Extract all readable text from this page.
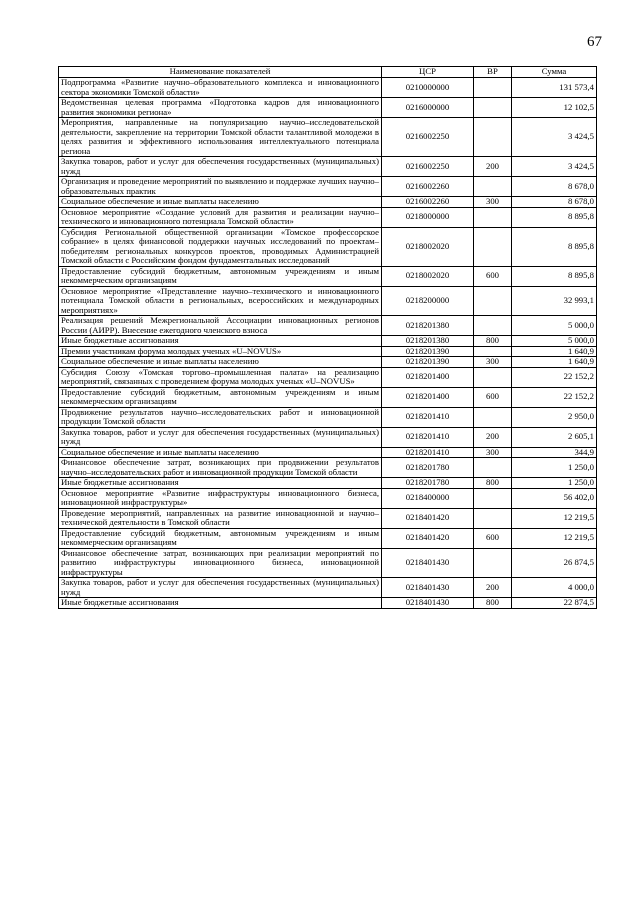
67
Наименование показателей	ЦСР	ВР	Сумма
Подпрограмма «Развитие научно–образовательного комплекса и инновационного сектора экономики Томской области»	0210000000		131 573,4
Ведомственная целевая программа «Подготовка кадров для инновационного развития экономики региона»	0216000000		12 102,5
Мероприятия, направленные на популяризацию научно–исследовательской деятельности, закрепление на территории Томской области талантливой молодежи в целях развития и эффективного использования интеллектуального потенциала региона	0216002250		3 424,5
Закупка товаров, работ и услуг для обеспечения государственных (муниципальных) нужд	0216002250	200	3 424,5
Организация и проведение мероприятий по выявлению и поддержке лучших научно–образовательных практик	0216002260		8 678,0
Социальное обеспечение и иные выплаты населению	0216002260	300	8 678,0
Основное мероприятие «Создание условий для развития и реализации научно–технического и инновационного потенциала Томской области»	0218000000		8 895,8
Субсидия Региональной общественной организации «Томское профессорское собрание» в целях финансовой поддержки научных исследований по проектам–победителям региональных конкурсов проектов, проводимых Администрацией Томской области с Российским фондом фундаментальных исследований	0218002020		8 895,8
Предоставление субсидий бюджетным, автономным учреждениям и иным некоммерческим организациям	0218002020	600	8 895,8
Основное мероприятие «Представление научно–технического и инновационного потенциала Томской области в региональных, всероссийских и международных мероприятиях»	0218200000		32 993,1
Реализация решений Межрегиональной Ассоциации инновационных регионов России (АИРР). Внесение ежегодного членского взноса	0218201380		5 000,0
Иные бюджетные ассигнования	0218201380	800	5 000,0
Премии участникам форума молодых ученых «U–NOVUS»	0218201390		1 640,9
Социальное обеспечение и иные выплаты населению	0218201390	300	1 640,9
Субсидия Союзу «Томская торгово–промышленная палата» на реализацию мероприятий, связанных с проведением форума молодых ученых «U–NOVUS»	0218201400		22 152,2
Предоставление субсидий бюджетным, автономным учреждениям и иным некоммерческим организациям	0218201400	600	22 152,2
Продвижение результатов научно–исследовательских работ и инновационной продукции Томской области	0218201410		2 950,0
Закупка товаров, работ и услуг для обеспечения государственных (муниципальных) нужд	0218201410	200	2 605,1
Социальное обеспечение и иные выплаты населению	0218201410	300	344,9
Финансовое обеспечение затрат, возникающих при продвижении результатов научно–исследовательских работ и инновационной продукции Томской области	0218201780		1 250,0
Иные бюджетные ассигнования	0218201780	800	1 250,0
Основное мероприятие «Развитие инфраструктуры инновационного бизнеса, инновационной инфраструктуры»	0218400000		56 402,0
Проведение мероприятий, направленных на развитие инновационной и научно–технической деятельности в Томской области	0218401420		12 219,5
Предоставление субсидий бюджетным, автономным учреждениям и иным некоммерческим организациям	0218401420	600	12 219,5
Финансовое обеспечение затрат, возникающих при реализации мероприятий по развитию инфраструктуры инновационного бизнеса, инновационной инфраструктуры	0218401430		26 874,5
Закупка товаров, работ и услуг для обеспечения государственных (муниципальных) нужд	0218401430	200	4 000,0
Иные бюджетные ассигнования	0218401430	800	22 874,5
